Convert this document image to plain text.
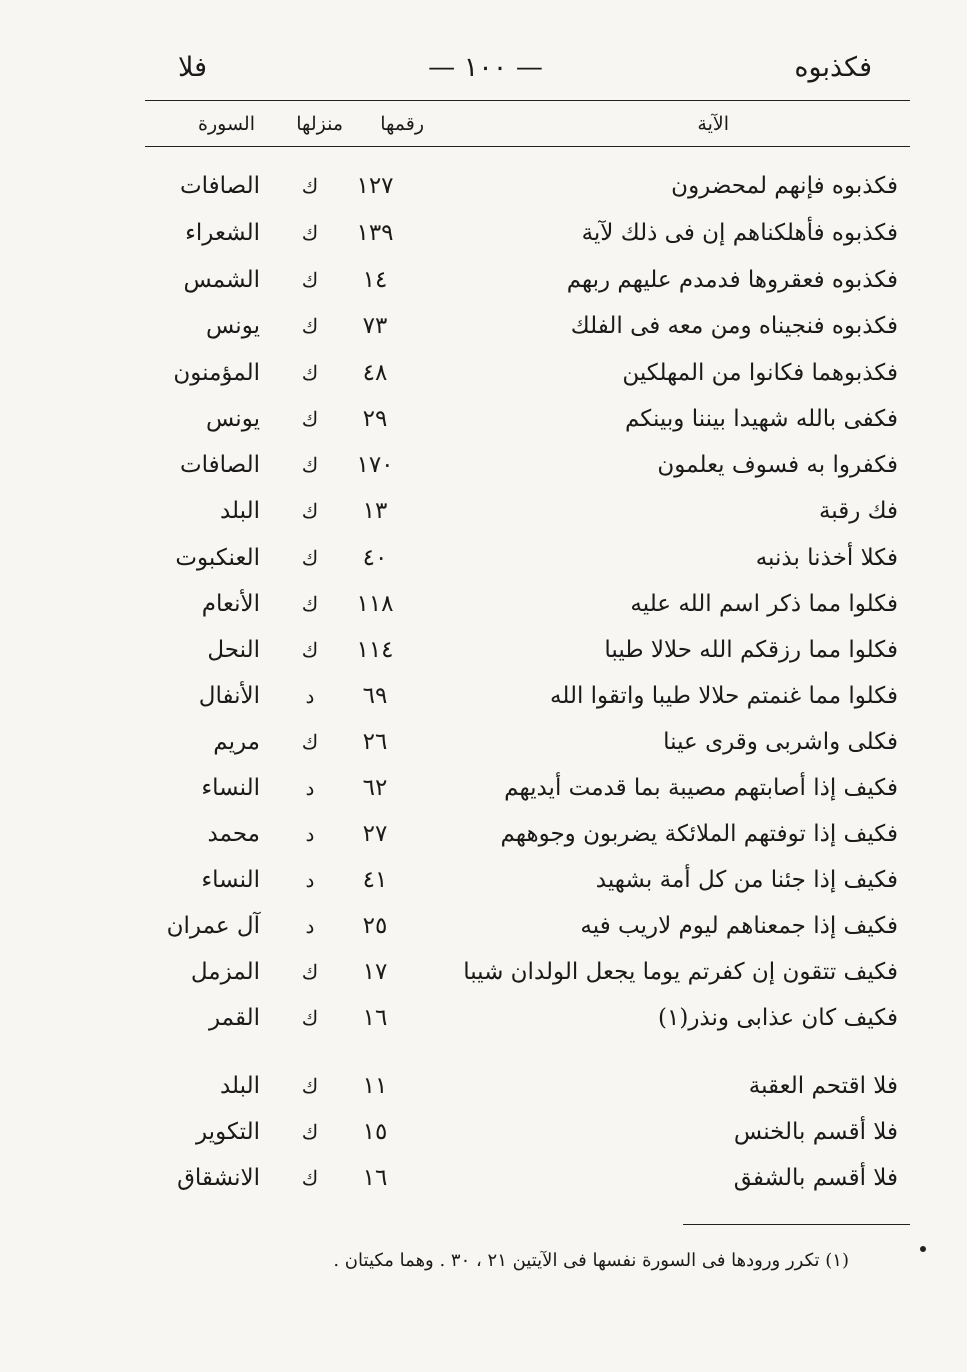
فكذبوه
— ١٠٠ —
فلا
الآية
رقمها
منزلها
السورة
فكذبوه فإنهم لمحضرون
١٢٧
ك
الصافات
فكذبوه فأهلكناهم إن فى ذلك لآية
١٣٩
ك
الشعراء
فكذبوه فعقروها فدمدم عليهم ربهم
١٤
ك
الشمس
فكذبوه فنجيناه ومن معه فى الفلك
٧٣
ك
يونس
فكذبوهما فكانوا من المهلكين
٤٨
ك
المؤمنون
فكفى بالله شهيدا بيننا وبينكم
٢٩
ك
يونس
فكفروا به فسوف يعلمون
١٧٠
ك
الصافات
فك رقبة
١٣
ك
البلد
فكلا أخذنا بذنبه
٤٠
ك
العنكبوت
فكلوا مما ذكر اسم الله عليه
١١٨
ك
الأنعام
فكلوا مما رزقكم الله حلالا طيبا
١١٤
ك
النحل
فكلوا مما غنمتم حلالا طيبا واتقوا الله
٦٩
د
الأنفال
فكلى واشربى وقرى عينا
٢٦
ك
مريم
فكيف إذا أصابتهم مصيبة بما قدمت أيديهم
٦٢
د
النساء
فكيف إذا توفتهم الملائكة يضربون وجوههم
٢٧
د
محمد
فكيف إذا جئنا من كل أمة بشهيد
٤١
د
النساء
فكيف إذا جمعناهم ليوم لاريب فيه
٢٥
د
آل عمران
فكيف تتقون إن كفرتم يوما يجعل الولدان شيبا
١٧
ك
المزمل
فكيف كان عذابى ونذر(١)
١٦
ك
القمر
فلا اقتحم العقبة
١١
ك
البلد
فلا أقسم بالخنس
١٥
ك
التكوير
فلا أقسم بالشفق
١٦
ك
الانشقاق
(١) تكرر ورودها فى السورة نفسها فى الآيتين ٢١ ، ٣٠ . وهما مكيتان .
